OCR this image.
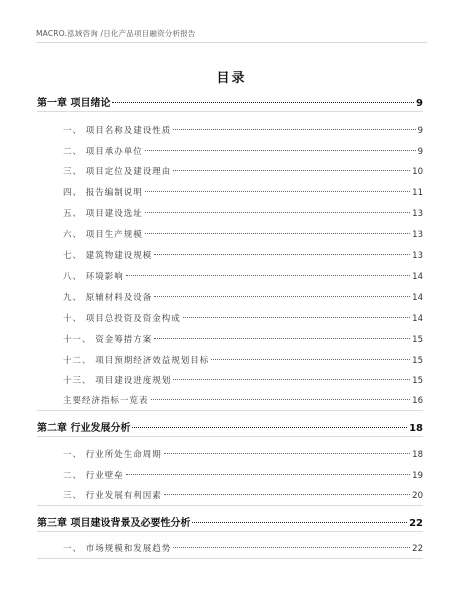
MACRO.泓域咨询 /日化产品项目融资分析报告
目录
第一章 项目绪论	9
一、 项目名称及建设性质	9
二、 项目承办单位	9
三、 项目定位及建设理由	10
四、 报告编制说明	11
五、 项目建设选址	13
六、 项目生产规模	13
七、 建筑物建设规模	13
八、 环境影响	14
九、 原辅材料及设备	14
十、 项目总投资及资金构成	14
十一、 资金筹措方案	15
十二、 项目预期经济效益规划目标	15
十三、 项目建设进度规划	15
主要经济指标一览表	16
第二章 行业发展分析	18
一、 行业所处生命周期	18
二、 行业壁垒	19
三、 行业发展有利因素	20
第三章 项目建设背景及必要性分析	22
一、 市场规模和发展趋势	22
